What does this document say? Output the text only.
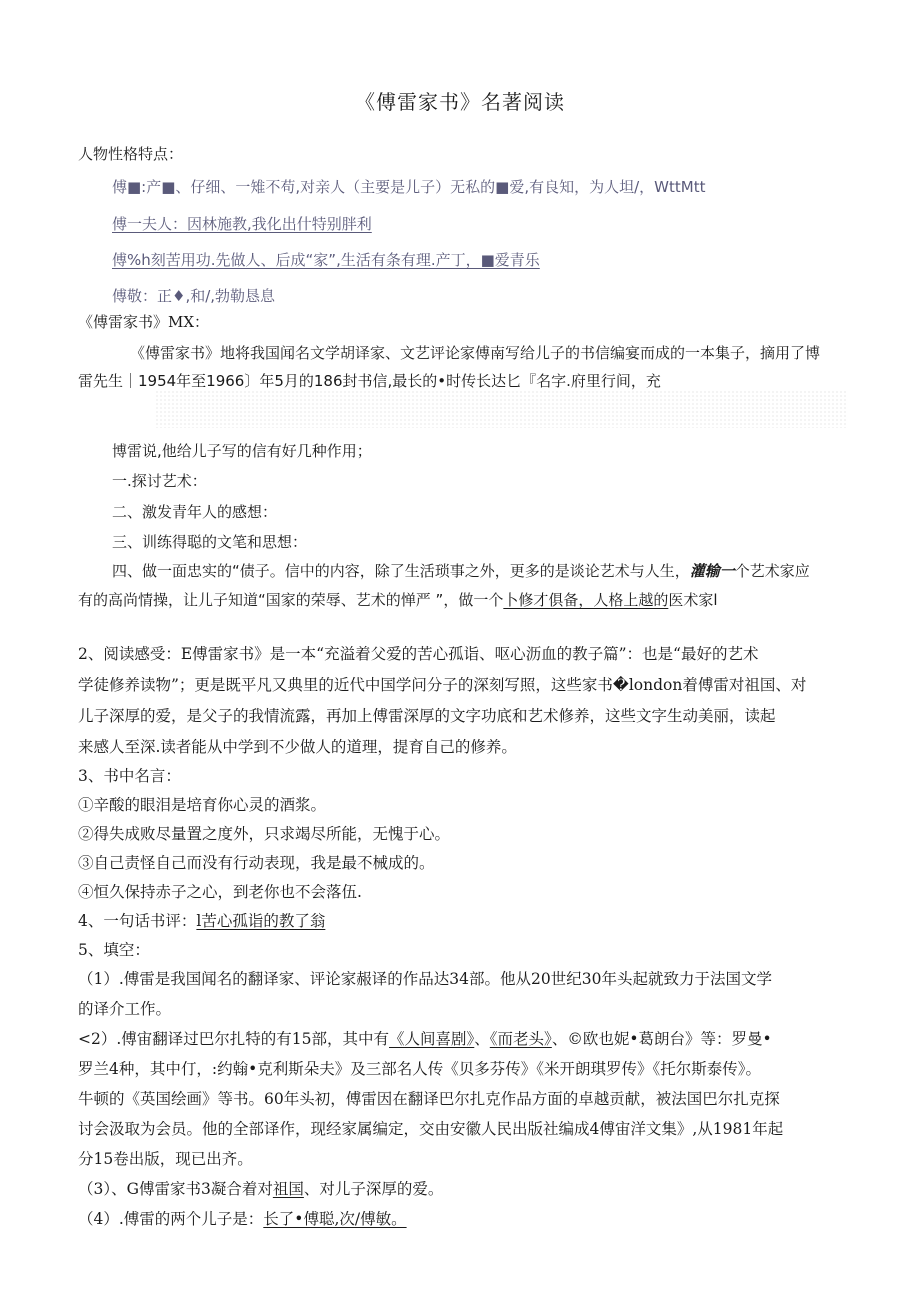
《傅雷家书》名著阅读
人物性格特点：
傅■:产■、仔细、一雉不苟,对亲人（主要是儿子）无私的■爱,有良知，为人坦/，WttMtt
傅一夫人：因林施教,我化出什特别胖利
傅%h刻苦用功.先做人、后成“家”,生活有条有理.产丁，■爱青乐
傅敬：正♦,和/,勃勒恳息
《傅雷家书》MX：
《傅雷家书》地将我国闻名文学胡译家、文艺评论家傅南写给儿子的书信编宴而成的一本集子，摘用了博
雷先生｜1954年至1966〕年5月的186封书信,最长的•时传长达匕『名字.府里行间，充
博雷说,他给儿子写的信有好几种作用；
一.探讨艺术：
二、激发青年人的感想：
三、训练得聪的文笔和思想：
四、做一面忠实的“债子。信中的内容，除了生活琐事之外，更多的是谈论艺术与人生，灌输一个艺术家应
有的高尚情操，让儿子知道“国家的荣辱、艺术的惮严 ”，做一个卜修才俱备，人格上越的医术家l
2、阅读感受：E傅雷家书》是一本“充溢着父爱的苦心孤诣、呕心沥血的教子篇”：也是“最好的艺术
学徒修养读物”；更是既平凡又典里的近代中国学问分子的深刻写照，这些家书�london着傅雷对祖国、对
儿子深厚的爱，是父子的我情流露，再加上傅雷深厚的文字功底和艺术修养，这些文字生动美丽，读起
来感人至深.读者能从中学到不少做人的道理，提育自己的修养。
3、书中名言：
①辛酸的眼泪是培育你心灵的酒浆。
②得失成败尽量置之度外，只求竭尽所能，无愧于心。
③自己责怪自己而没有行动表现，我是最不械成的。
④恒久保持赤子之心，到老你也不会落伍.
4、一句话书评：l苦心孤诣的教了翁
5、填空：
（1）.傅雷是我国闻名的翻译家、评论家赧译的作品达34部。他从20世纪30年头起就致力于法国文学
的译介工作。
<2）.傅宙翻译过巴尔扎特的有15部，其中有《人间喜剧》、《而老头》、©欧也妮•葛朗台》等：罗曼•
罗兰4种，其中仃，:约翰•克利斯朵夫》及三部名人传《贝多芬传》《米开朗琪罗传》《托尔斯泰传》。
牛顿的《英国绘画》等书。60年头初，傅雷因在翻译巴尔扎克作品方面的卓越贡献，被法国巴尔扎克探
讨会汲取为会员。他的全部译作，现经家属编定，交由安徽人民出版社编成4傅宙洋文集》,从1981年起
分15卷出版，现已出齐。
（3）、G傅雷家书3凝合着对祖国、对儿子深厚的爱。
（4）.傅雷的两个儿子是：长了•傅聪,次/傅敏。
